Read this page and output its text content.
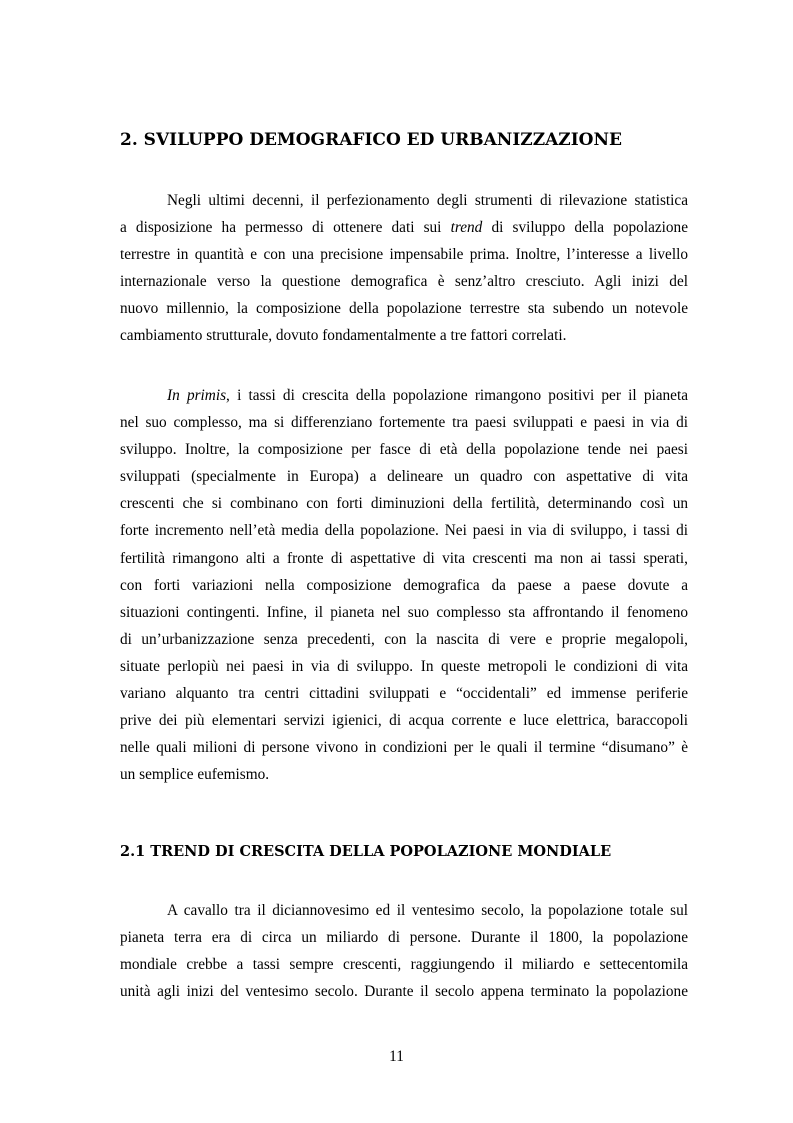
2. SVILUPPO DEMOGRAFICO ED URBANIZZAZIONE
Negli ultimi decenni, il perfezionamento degli strumenti di rilevazione statistica
a disposizione ha permesso di ottenere dati sui trend di sviluppo della popolazione
terrestre in quantità e con una precisione impensabile prima. Inoltre, l’interesse a livello
internazionale verso la questione demografica è senz’altro cresciuto. Agli inizi del
nuovo millennio, la composizione della popolazione terrestre sta subendo un notevole
cambiamento strutturale, dovuto fondamentalmente a tre fattori correlati.
In primis, i tassi di crescita della popolazione rimangono positivi per il pianeta
nel suo complesso, ma si differenziano fortemente tra paesi sviluppati e paesi in via di
sviluppo. Inoltre, la composizione per fasce di età della popolazione tende nei paesi
sviluppati (specialmente in Europa) a delineare un quadro con aspettative di vita
crescenti che si combinano con forti diminuzioni della fertilità, determinando così un
forte incremento nell’età media della popolazione. Nei paesi in via di sviluppo, i tassi di
fertilità rimangono alti a fronte di aspettative di vita crescenti ma non ai tassi sperati,
con forti variazioni nella composizione demografica da paese a paese dovute a
situazioni contingenti. Infine, il pianeta nel suo complesso sta affrontando il fenomeno
di un’urbanizzazione senza precedenti, con la nascita di vere e proprie megalopoli,
situate perlopiù nei paesi in via di sviluppo. In queste metropoli le condizioni di vita
variano alquanto tra centri cittadini sviluppati e “occidentali” ed immense periferie
prive dei più elementari servizi igienici, di acqua corrente e luce elettrica, baraccopoli
nelle quali milioni di persone vivono in condizioni per le quali il termine “disumano” è
un semplice eufemismo.
2.1 TREND DI CRESCITA DELLA POPOLAZIONE MONDIALE
A cavallo tra il diciannovesimo ed il ventesimo secolo, la popolazione totale sul
pianeta terra era di circa un miliardo di persone. Durante il 1800, la popolazione
mondiale crebbe a tassi sempre crescenti, raggiungendo il miliardo e settecentomila
unità agli inizi del ventesimo secolo. Durante il secolo appena terminato la popolazione
11
